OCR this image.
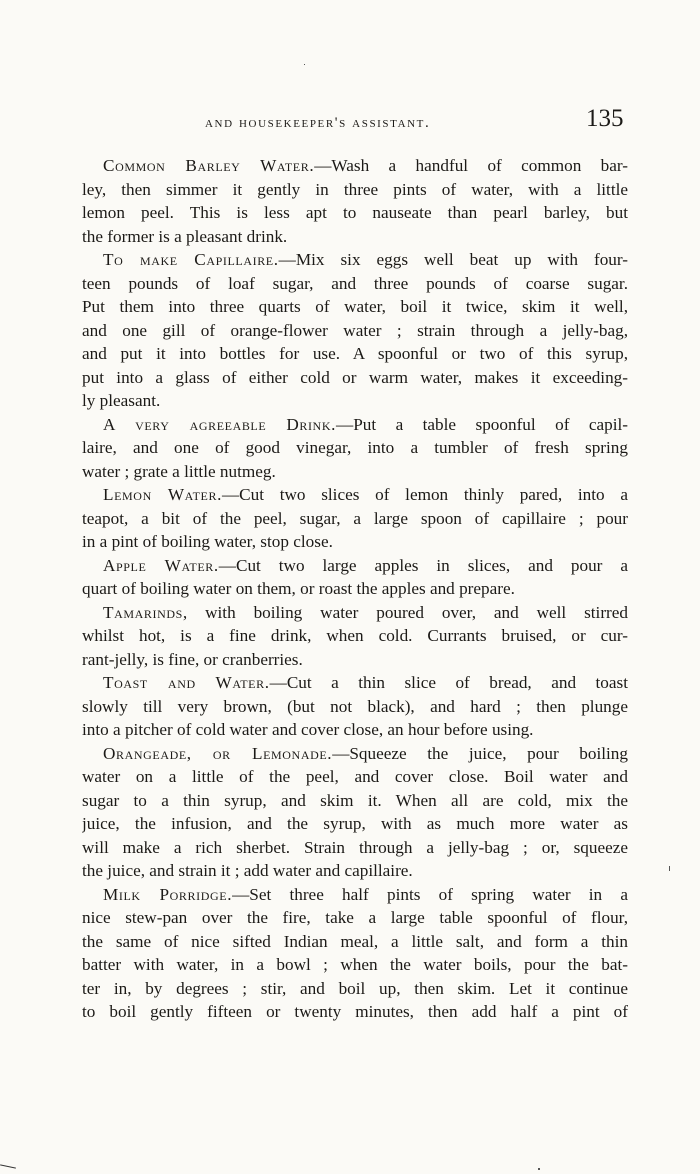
and housekeeper's assistant.	135
Common Barley Water.—Wash a handful of common bar-
ley, then simmer it gently in three pints of water, with a little
lemon peel. This is less apt to nauseate than pearl barley, but
the former is a pleasant drink.
To make Capillaire.—Mix six eggs well beat up with four-
teen pounds of loaf sugar, and three pounds of coarse sugar.
Put them into three quarts of water, boil it twice, skim it well,
and one gill of orange-flower water ; strain through a jelly-bag,
and put it into bottles for use. A spoonful or two of this syrup,
put into a glass of either cold or warm water, makes it exceeding-
ly pleasant.
A very agreeable Drink.—Put a table spoonful of capil-
laire, and one of good vinegar, into a tumbler of fresh spring
water ; grate a little nutmeg.
Lemon Water.—Cut two slices of lemon thinly pared, into a
teapot, a bit of the peel, sugar, a large spoon of capillaire ; pour
in a pint of boiling water, stop close.
Apple Water.—Cut two large apples in slices, and pour a
quart of boiling water on them, or roast the apples and prepare.
Tamarinds, with boiling water poured over, and well stirred
whilst hot, is a fine drink, when cold. Currants bruised, or cur-
rant-jelly, is fine, or cranberries.
Toast and Water.—Cut a thin slice of bread, and toast
slowly till very brown, (but not black), and hard ; then plunge
into a pitcher of cold water and cover close, an hour before using.
Orangeade, or Lemonade.—Squeeze the juice, pour boiling
water on a little of the peel, and cover close. Boil water and
sugar to a thin syrup, and skim it. When all are cold, mix the
juice, the infusion, and the syrup, with as much more water as
will make a rich sherbet. Strain through a jelly-bag ; or, squeeze
the juice, and strain it ; add water and capillaire.
Milk Porridge.—Set three half pints of spring water in a
nice stew-pan over the fire, take a large table spoonful of flour,
the same of nice sifted Indian meal, a little salt, and form a thin
batter with water, in a bowl ; when the water boils, pour the bat-
ter in, by degrees ; stir, and boil up, then skim. Let it continue
to boil gently fifteen or twenty minutes, then add half a pint of
